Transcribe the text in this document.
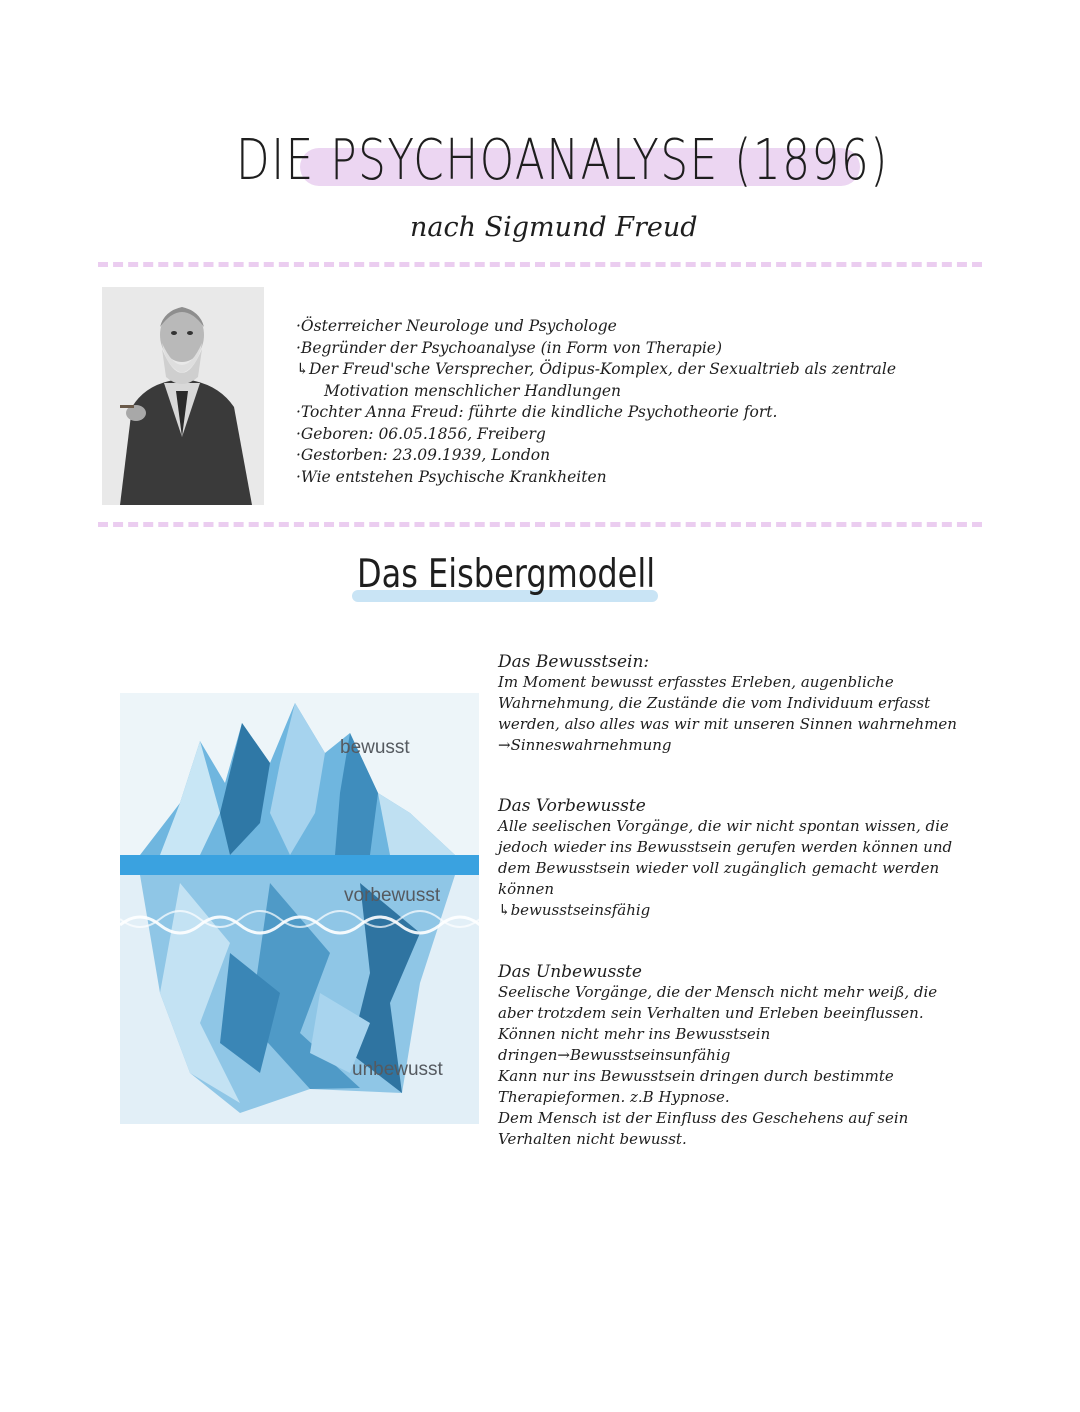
DIE PSYCHOANALYSE (1896)
nach Sigmund Freud
·Österreicher Neurologe und Psychologe
·Begründer der Psychoanalyse (in Form von Therapie)
↳Der Freud'sche Versprecher, Ödipus-Komplex, der Sexualtrieb als zentrale
Motivation menschlicher Handlungen
·Tochter Anna Freud: führte die kindliche Psychotheorie fort.
·Geboren: 06.05.1856, Freiberg
·Gestorben: 23.09.1939, London
·Wie entstehen Psychische Krankheiten
Das Eisbergmodell
bewusst
vorbewusst
unbewusst
Das Bewusstsein:

Im Moment bewusst erfasstes Erleben, augenbliche Wahrnehmung, die Zustände die vom Individuum erfasst werden, also alles was wir mit unseren Sinnen wahrnehmen →Sinneswahrnehmung

Das Vorbewusste

Alle seelischen Vorgänge, die wir nicht spontan wissen, die jedoch wieder ins Bewusstsein gerufen werden können und dem Bewusstsein wieder voll zugänglich gemacht werden können

↳bewusstseinsfähig

Das Unbewusste

Seelische Vorgänge, die der Mensch nicht mehr weiß, die aber trotzdem sein Verhalten und Erleben beeinflussen. Können nicht mehr ins Bewusstsein dringen→Bewusstseinsunfähig

Kann nur ins Bewusstsein dringen durch bestimmte Therapieformen. z.B Hypnose.

Dem Mensch ist der Einfluss des Geschehens auf sein Verhalten nicht bewusst.
